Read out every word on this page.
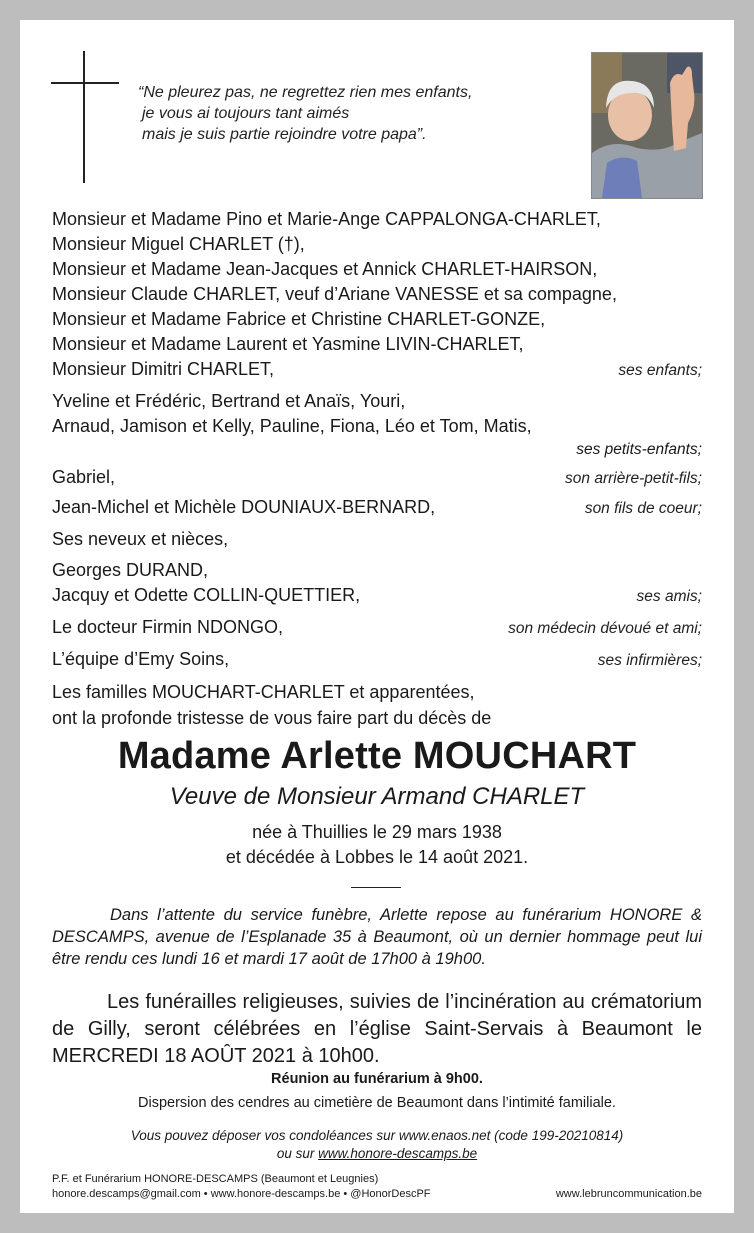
“Ne pleurez pas, ne regrettez rien mes enfants,
je vous ai toujours tant aimés
mais je suis partie rejoindre votre papa”.
Monsieur et Madame Pino et Marie-Ange CAPPALONGA-CHARLET,
Monsieur Miguel CHARLET (†),
Monsieur et Madame Jean-Jacques et Annick CHARLET-HAIRSON,
Monsieur Claude CHARLET, veuf d’Ariane VANESSE et sa compagne,
Monsieur et Madame Fabrice et Christine CHARLET-GONZE,
Monsieur et Madame Laurent et Yasmine LIVIN-CHARLET,
Monsieur Dimitri CHARLET,	ses enfants;
Yveline et Frédéric, Bertrand et Anaïs, Youri,
Arnaud, Jamison et Kelly, Pauline, Fiona, Léo et Tom, Matis,
ses petits-enfants;
Gabriel,	son arrière-petit-fils;
Jean-Michel et Michèle DOUNIAUX-BERNARD,	son fils de coeur;
Ses neveux et nièces,
Georges DURAND,
Jacquy et Odette COLLIN-QUETTIER,	ses amis;
Le docteur Firmin NDONGO,	son médecin dévoué et ami;
L’équipe d’Emy Soins,	ses infirmières;
Les familles MOUCHART-CHARLET et apparentées,
ont la profonde tristesse de vous faire part du décès de
Madame Arlette MOUCHART
Veuve de Monsieur Armand CHARLET
née à Thuillies le 29 mars 1938
et décédée à Lobbes le 14 août 2021.
Dans l’attente du service funèbre, Arlette repose au funérarium HONORE & DESCAMPS, avenue de l’Esplanade 35 à Beaumont, où un dernier hommage peut lui être rendu ces lundi 16 et mardi 17 août de 17h00 à 19h00.
Les funérailles religieuses, suivies de l’incinération au crématorium de Gilly, seront célébrées en l’église Saint-Servais à Beaumont le MERCREDI 18 AOÛT 2021 à 10h00.
Réunion au funérarium à 9h00.
Dispersion des cendres au cimetière de Beaumont dans l’intimité familiale.
Vous pouvez déposer vos condoléances sur www.enaos.net (code 199-20210814)
ou sur www.honore-descamps.be
P.F. et Funérarium HONORE-DESCAMPS (Beaumont et Leugnies)
honore.descamps@gmail.com • www.honore-descamps.be • @HonorDescPF	www.lebruncommunication.be
